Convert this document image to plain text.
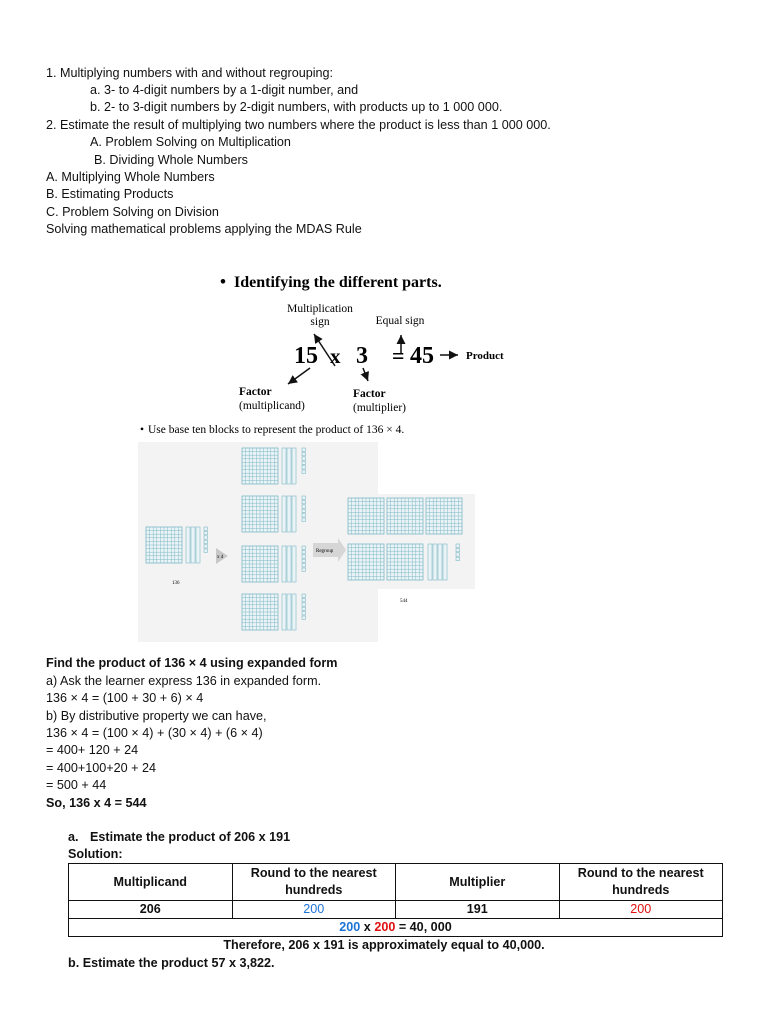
1. Multiplying numbers with and without regrouping:
a. 3- to 4-digit numbers by a 1-digit number, and
b. 2- to 3-digit numbers by 2-digit numbers, with products up to 1 000 000.
2. Estimate the result of multiplying two numbers where the product is less than 1 000 000.
A. Problem Solving on Multiplication
B. Dividing Whole Numbers
A. Multiplying Whole Numbers
B. Estimating Products
C. Problem Solving on Division
Solving mathematical problems applying the MDAS Rule
• Identifying the different parts.
Multiplication
sign	Equal sign
15 x 3 = 45	Product
Factor
(multiplicand)
Factor
(multiplier)
• Use base ten blocks to represent the product of 136 × 4.
x 4
Regroup
136
544
Find the product of 136 × 4 using expanded form
a) Ask the learner express 136 in expanded form.
136 × 4 = (100 + 30 + 6) × 4
b) By distributive property we can have,
136 × 4 = (100 × 4) + (30 × 4) + (6 × 4)
= 400+ 120 + 24
= 400+100+20 + 24
= 500 + 44
So, 136 x 4 = 544
a. Estimate the product of 206 x 191
Solution:
Multiplicand	Round to the nearest hundreds	Multiplier	Round to the nearest hundreds
206	200	191	200
200 x 200 = 40, 000			
Therefore, 206 x 191 is approximately equal to 40,000.
b. Estimate the product 57 x 3,822.
